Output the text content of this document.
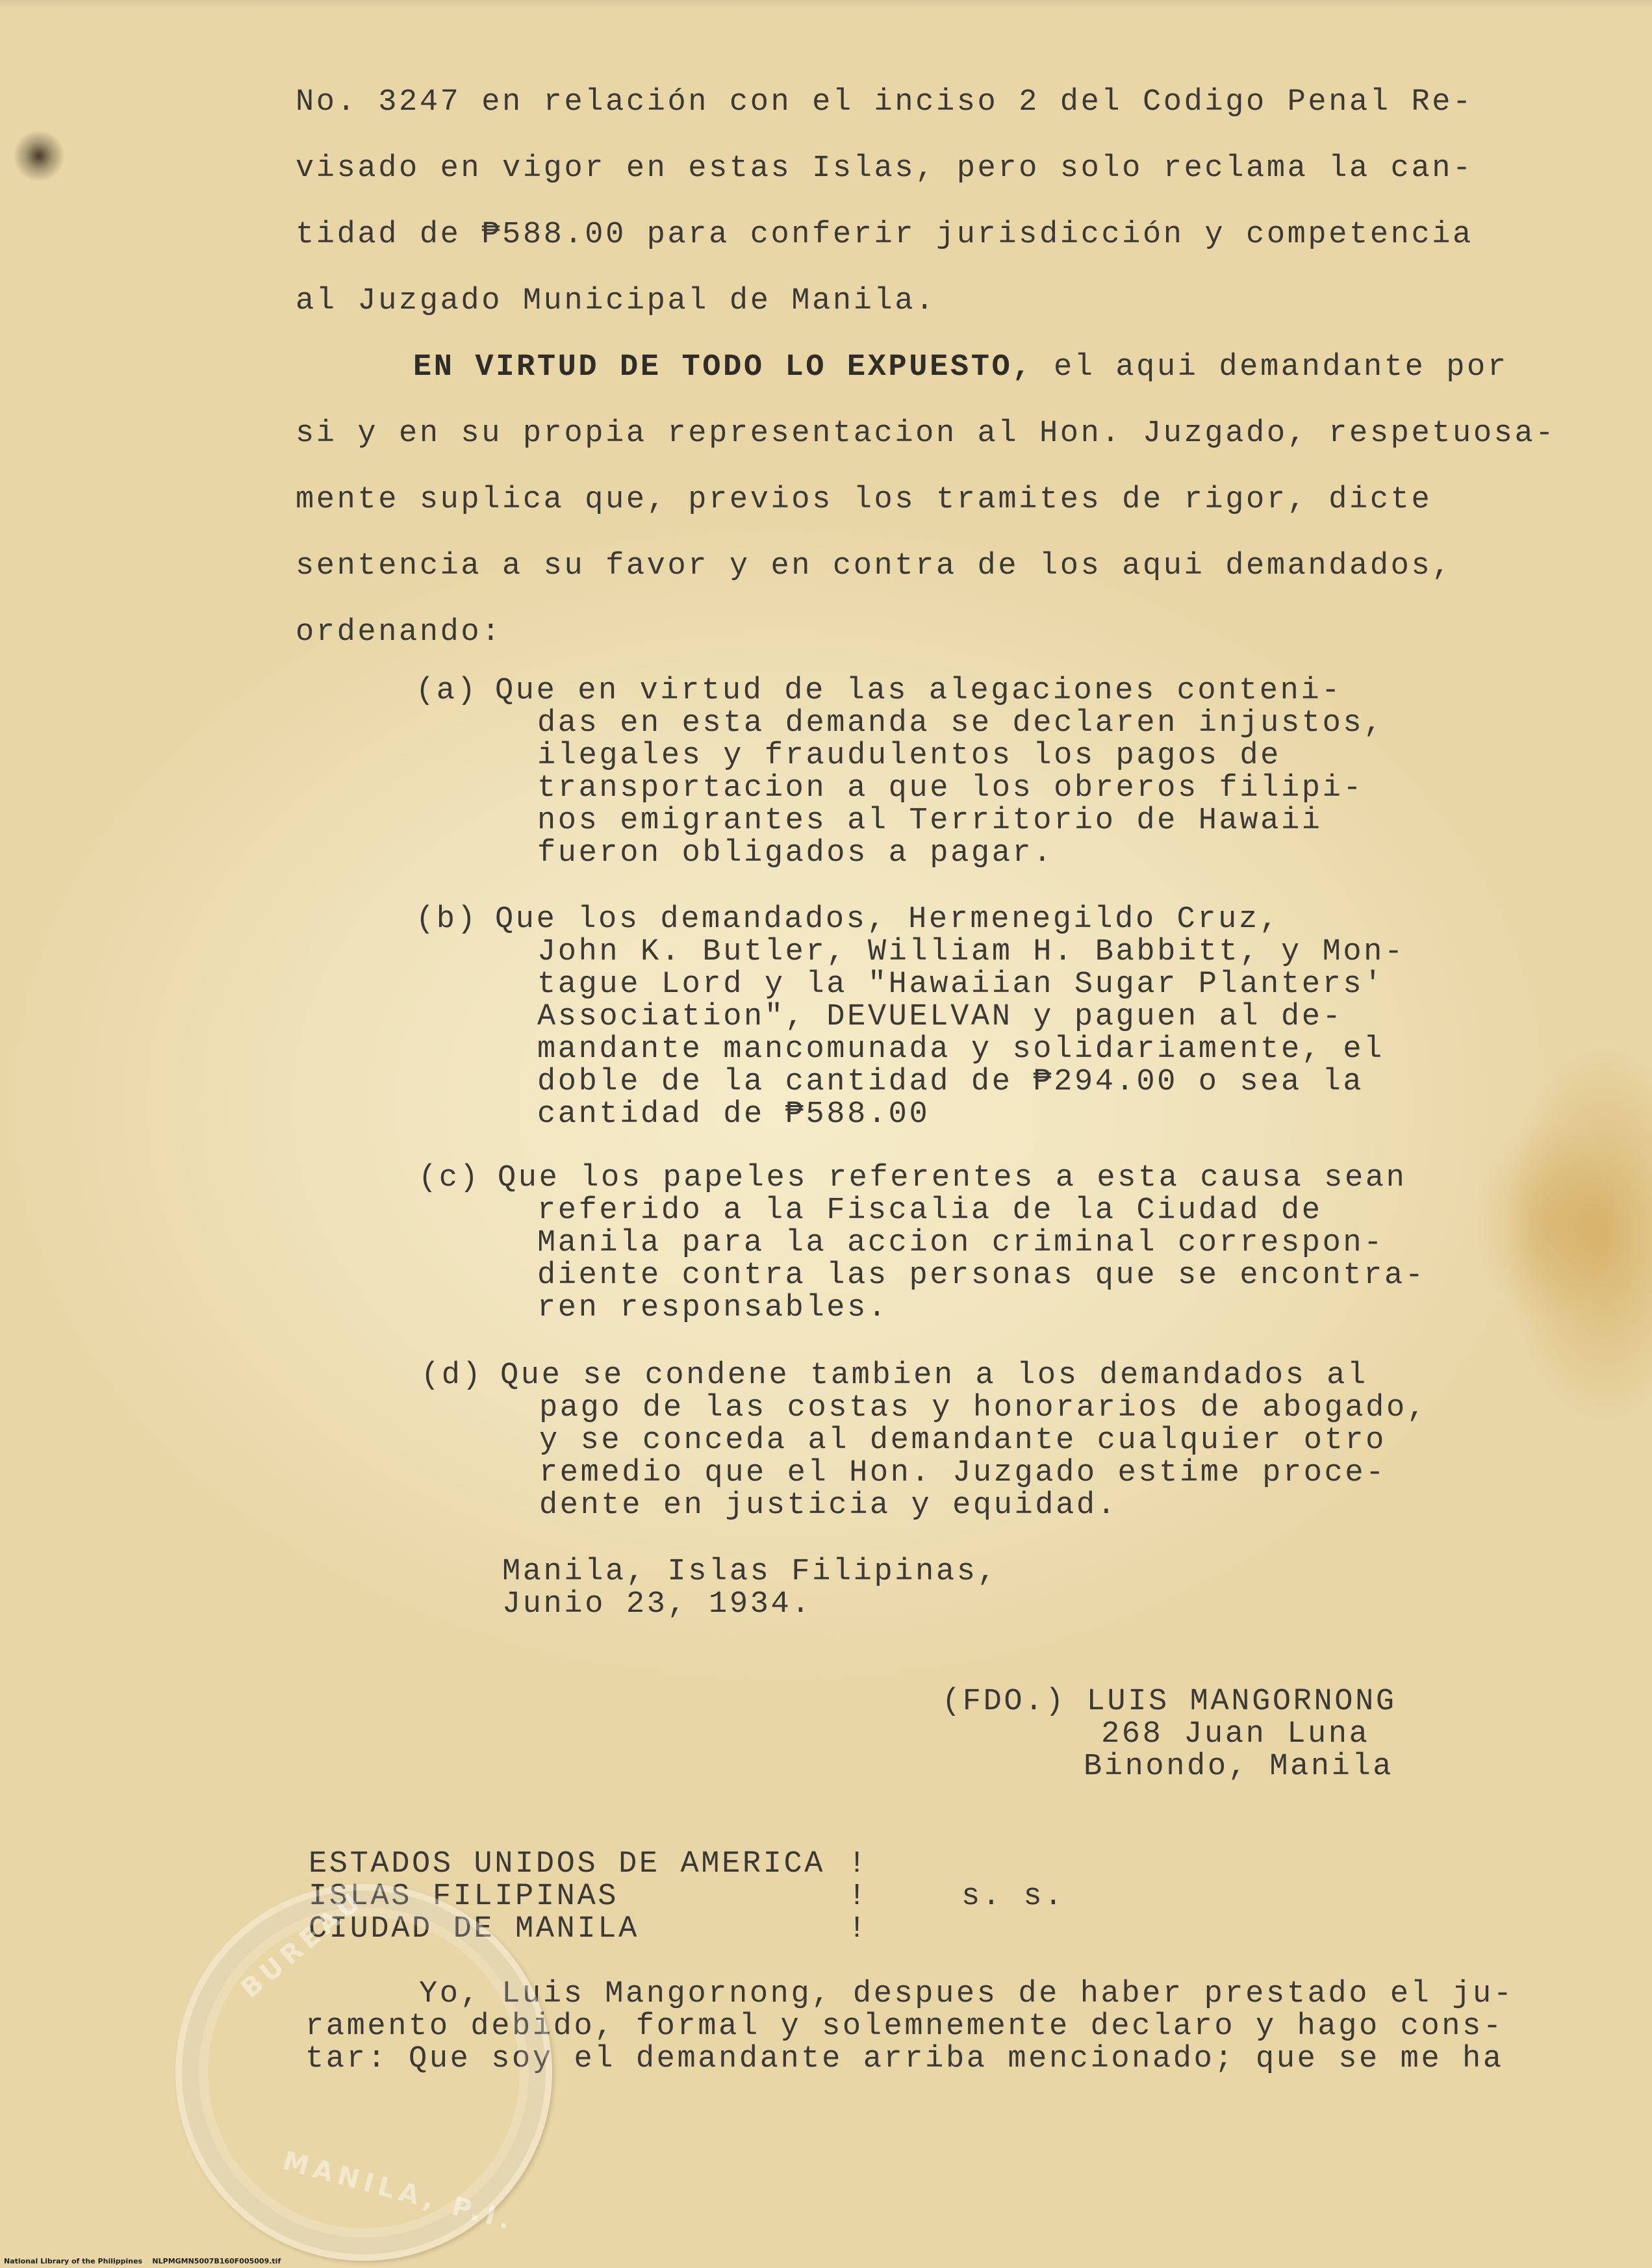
No. 3247 en relación con el inciso 2 del Codigo Penal Re-
visado en vigor en estas Islas, pero solo reclama la can-
tidad de ₱588.00 para conferir jurisdicción y competencia
al Juzgado Municipal de Manila.
EN VIRTUD DE TODO LO EXPUESTO, el aqui demandante por
si y en su propia representacion al Hon. Juzgado, respetuosa-
mente suplica que, previos los tramites de rigor, dicte
sentencia a su favor y en contra de los aqui demandados,
ordenando:
(a) Que en virtud de las alegaciones conteni-
das en esta demanda se declaren injustos,
ilegales y fraudulentos los pagos de
transportacion a que los obreros filipi-
nos emigrantes al Territorio de Hawaii
fueron obligados a pagar.
(b) Que los demandados, Hermenegildo Cruz,
John K. Butler, William H. Babbitt, y Mon-
tague Lord y la "Hawaiian Sugar Planters'
Association", DEVUELVAN y paguen al de-
mandante mancomunada y solidariamente, el
doble de la cantidad de ₱294.00 o sea la
cantidad de ₱588.00
(c) Que los papeles referentes a esta causa sean
referido a la Fiscalia de la Ciudad de
Manila para la accion criminal correspon-
diente contra las personas que se encontra-
ren responsables.
(d) Que se condene tambien a los demandados al
pago de las costas y honorarios de abogado,
y se conceda al demandante cualquier otro
remedio que el Hon. Juzgado estime proce-
dente en justicia y equidad.
Manila, Islas Filipinas,
Junio 23, 1934.
(FDO.) LUIS MANGORNONG
268 Juan Luna
Binondo, Manila
ESTADOS UNIDOS DE AMERICA
ISLAS FILIPINAS
CIUDAD DE MANILA
!
!
!
s. s.
Yo, Luis Mangornong, despues de haber prestado el ju-
ramento debido, formal y solemnemente declaro y hago cons-
tar: Que soy el demandante arriba mencionado; que se me ha
BUREAU
MANILA, P.I.
National Library of the Philippines    NLPMGMN5007B160F005009.tif
